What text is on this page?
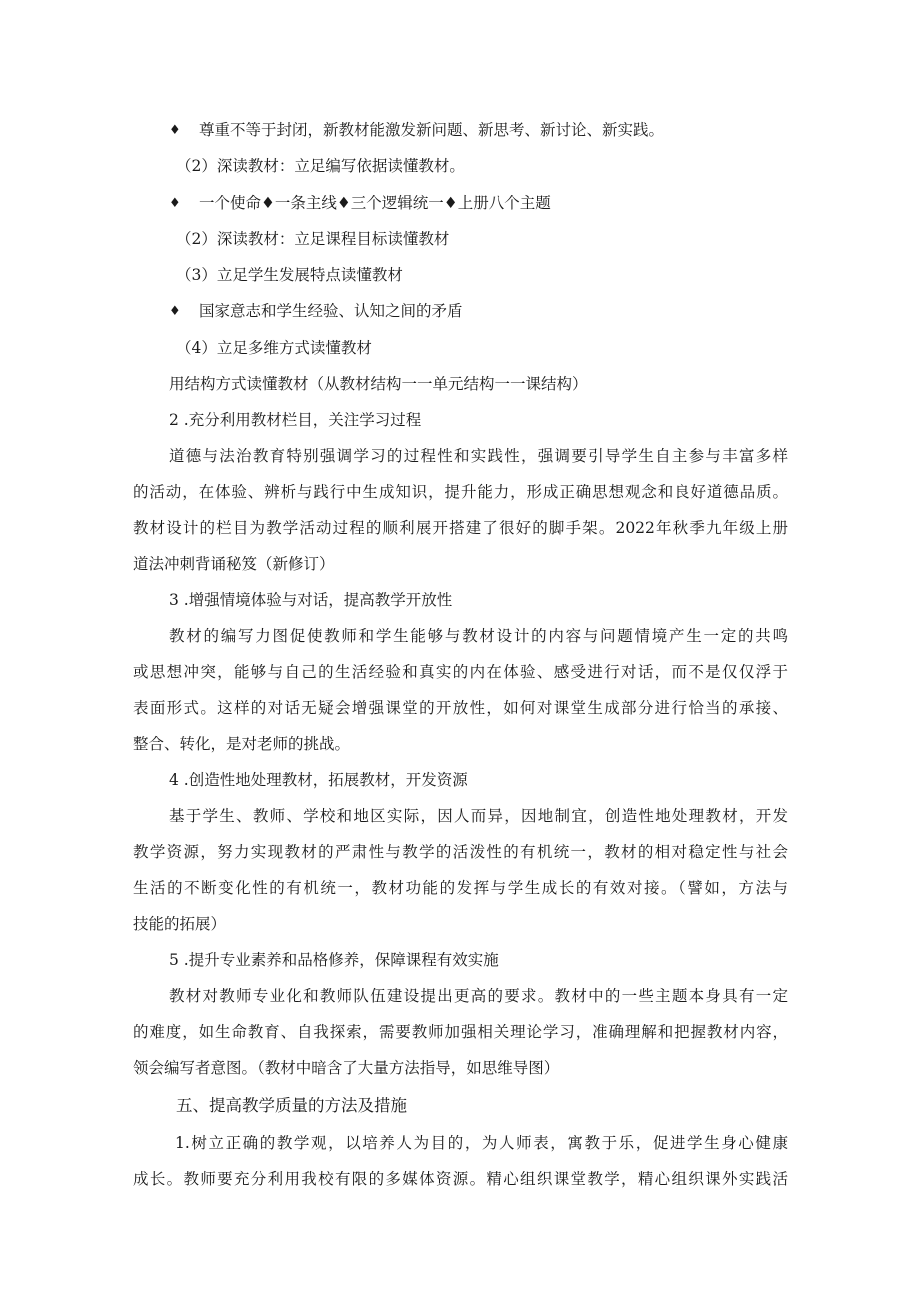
♦ 尊重不等于封闭，新教材能激发新问题、新思考、新讨论、新实践。
（2）深读教材：立足编写依据读懂教材。
♦ 一个使命♦一条主线♦三个逻辑统一♦上册八个主题
（2）深读教材：立足课程目标读懂教材
（3）立足学生发展特点读懂教材
♦ 国家意志和学生经验、认知之间的矛盾
（4）立足多维方式读懂教材
用结构方式读懂教材（从教材结构一一单元结构一一课结构）
2 .充分利用教材栏目，关注学习过程
道德与法治教育特别强调学习的过程性和实践性，强调要引导学生自主参与丰富多样
的活动，在体验、辨析与践行中生成知识，提升能力，形成正确思想观念和良好道德品质。
教材设计的栏目为教学活动过程的顺利展开搭建了很好的脚手架。2022年秋季九年级上册
道法冲刺背诵秘笈（新修订）
3 .增强情境体验与对话，提高教学开放性
教材的编写力图促使教师和学生能够与教材设计的内容与问题情境产生一定的共鸣
或思想冲突，能够与自己的生活经验和真实的内在体验、感受进行对话，而不是仅仅浮于
表面形式。这样的对话无疑会增强课堂的开放性，如何对课堂生成部分进行恰当的承接、
整合、转化，是对老师的挑战。
4 .创造性地处理教材，拓展教材，开发资源
基于学生、教师、学校和地区实际，因人而异，因地制宜，创造性地处理教材，开发
教学资源，努力实现教材的严肃性与教学的活泼性的有机统一，教材的相对稳定性与社会
生活的不断变化性的有机统一，教材功能的发挥与学生成长的有效对接。（譬如，方法与
技能的拓展）
5 .提升专业素养和品格修养，保障课程有效实施
教材对教师专业化和教师队伍建设提出更高的要求。教材中的一些主题本身具有一定
的难度，如生命教育、自我探索，需要教师加强相关理论学习，准确理解和把握教材内容，
领会编写者意图。（教材中暗含了大量方法指导，如思维导图）
五、提高教学质量的方法及措施
1.树立正确的教学观，以培养人为目的，为人师表，寓教于乐，促进学生身心健康
成长。教师要充分利用我校有限的多媒体资源。精心组织课堂教学，精心组织课外实践活
